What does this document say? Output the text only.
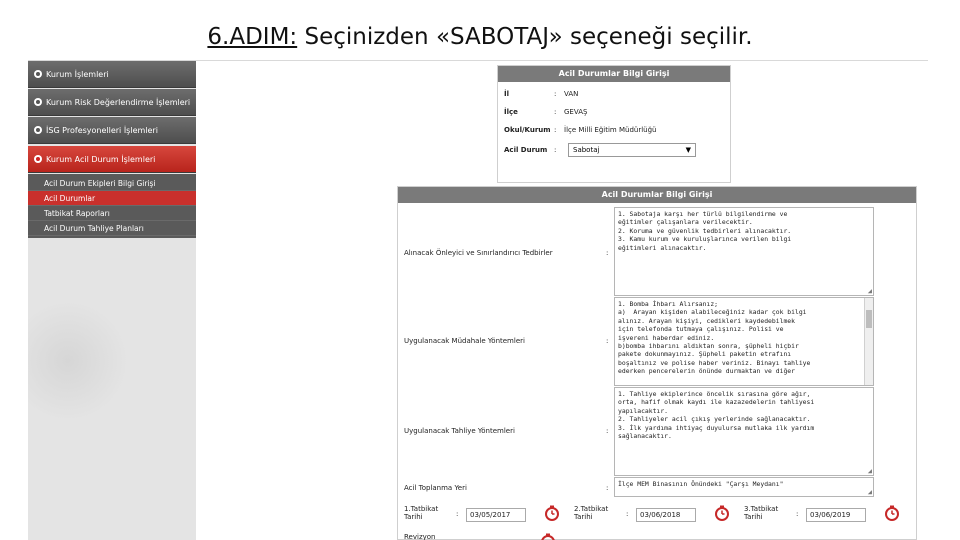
6.ADIM: Seçinizden «SABOTAJ» seçeneği seçilir.
Kurum İşlemleri
Kurum Risk Değerlendirme İşlemleri
İSG Profesyonelleri İşlemleri
Kurum Acil Durum İşlemleri
Acil Durum Ekipleri Bilgi Girişi
Acil Durumlar
Tatbikat Raporları
Acil Durum Tahliye Planları
Acil Durumlar Bilgi Girişi
İl	:	VAN
İlçe	:	GEVAŞ
Okul/Kurum :	İlçe Milli Eğitim Müdürlüğü
Acil Durum :	Sabotaj	▼
Acil Durumlar Bilgi Girişi
Alınacak Önleyici ve Sınırlandırıcı Tedbirler	:
1. Sabotaja karşı her türlü bilgilendirme ve
eğitimler çalışanlara verilecektir.
2. Koruma ve güvenlik tedbirleri alınacaktır.
3. Kamu kurum ve kuruluşlarınca verilen bilgi
eğitimleri alınacaktır.
◢
Uygulanacak Müdahale Yöntemleri	:
1. Bomba İhbarı Alırsanız;
a)  Arayan kişiden alabileceğiniz kadar çok bilgi
alınız. Arayan kişiyi, cedikleri kaydedebilmek
için telefonda tutmaya çalışınız. Polisi ve
işvereni haberdar ediniz.
b)bomba ihbarını aldıktan sonra, şüpheli hiçbir
pakete dokunmayınız. Şüpheli paketin etrafını
boşaltınız ve polise haber veriniz. Binayı tahliye
ederken pencerelerin önünde durmaktan ve diğer
Uygulanacak Tahliye Yöntemleri	:
1. Tahliye ekiplerince öncelik sırasına göre ağır,
orta, hafif olmak kaydı ile kazazedelerin tahliyesi
yapılacaktır.
2. Tahliyeler acil çıkış yerlerinde sağlanacaktır.
3. İlk yardıma ihtiyaç duyulursa mutlaka ilk yardım
sağlanacaktır.
◢
Acil Toplanma Yeri	:	İlçe MEM Binasının Önündeki "Çarşı Meydanı"
◢
1.Tatbikat Tarihi	:	03/05/2017
2.Tatbikat Tarihi	:	03/06/2018
3.Tatbikat Tarihi	:	03/06/2019
Revizyon
